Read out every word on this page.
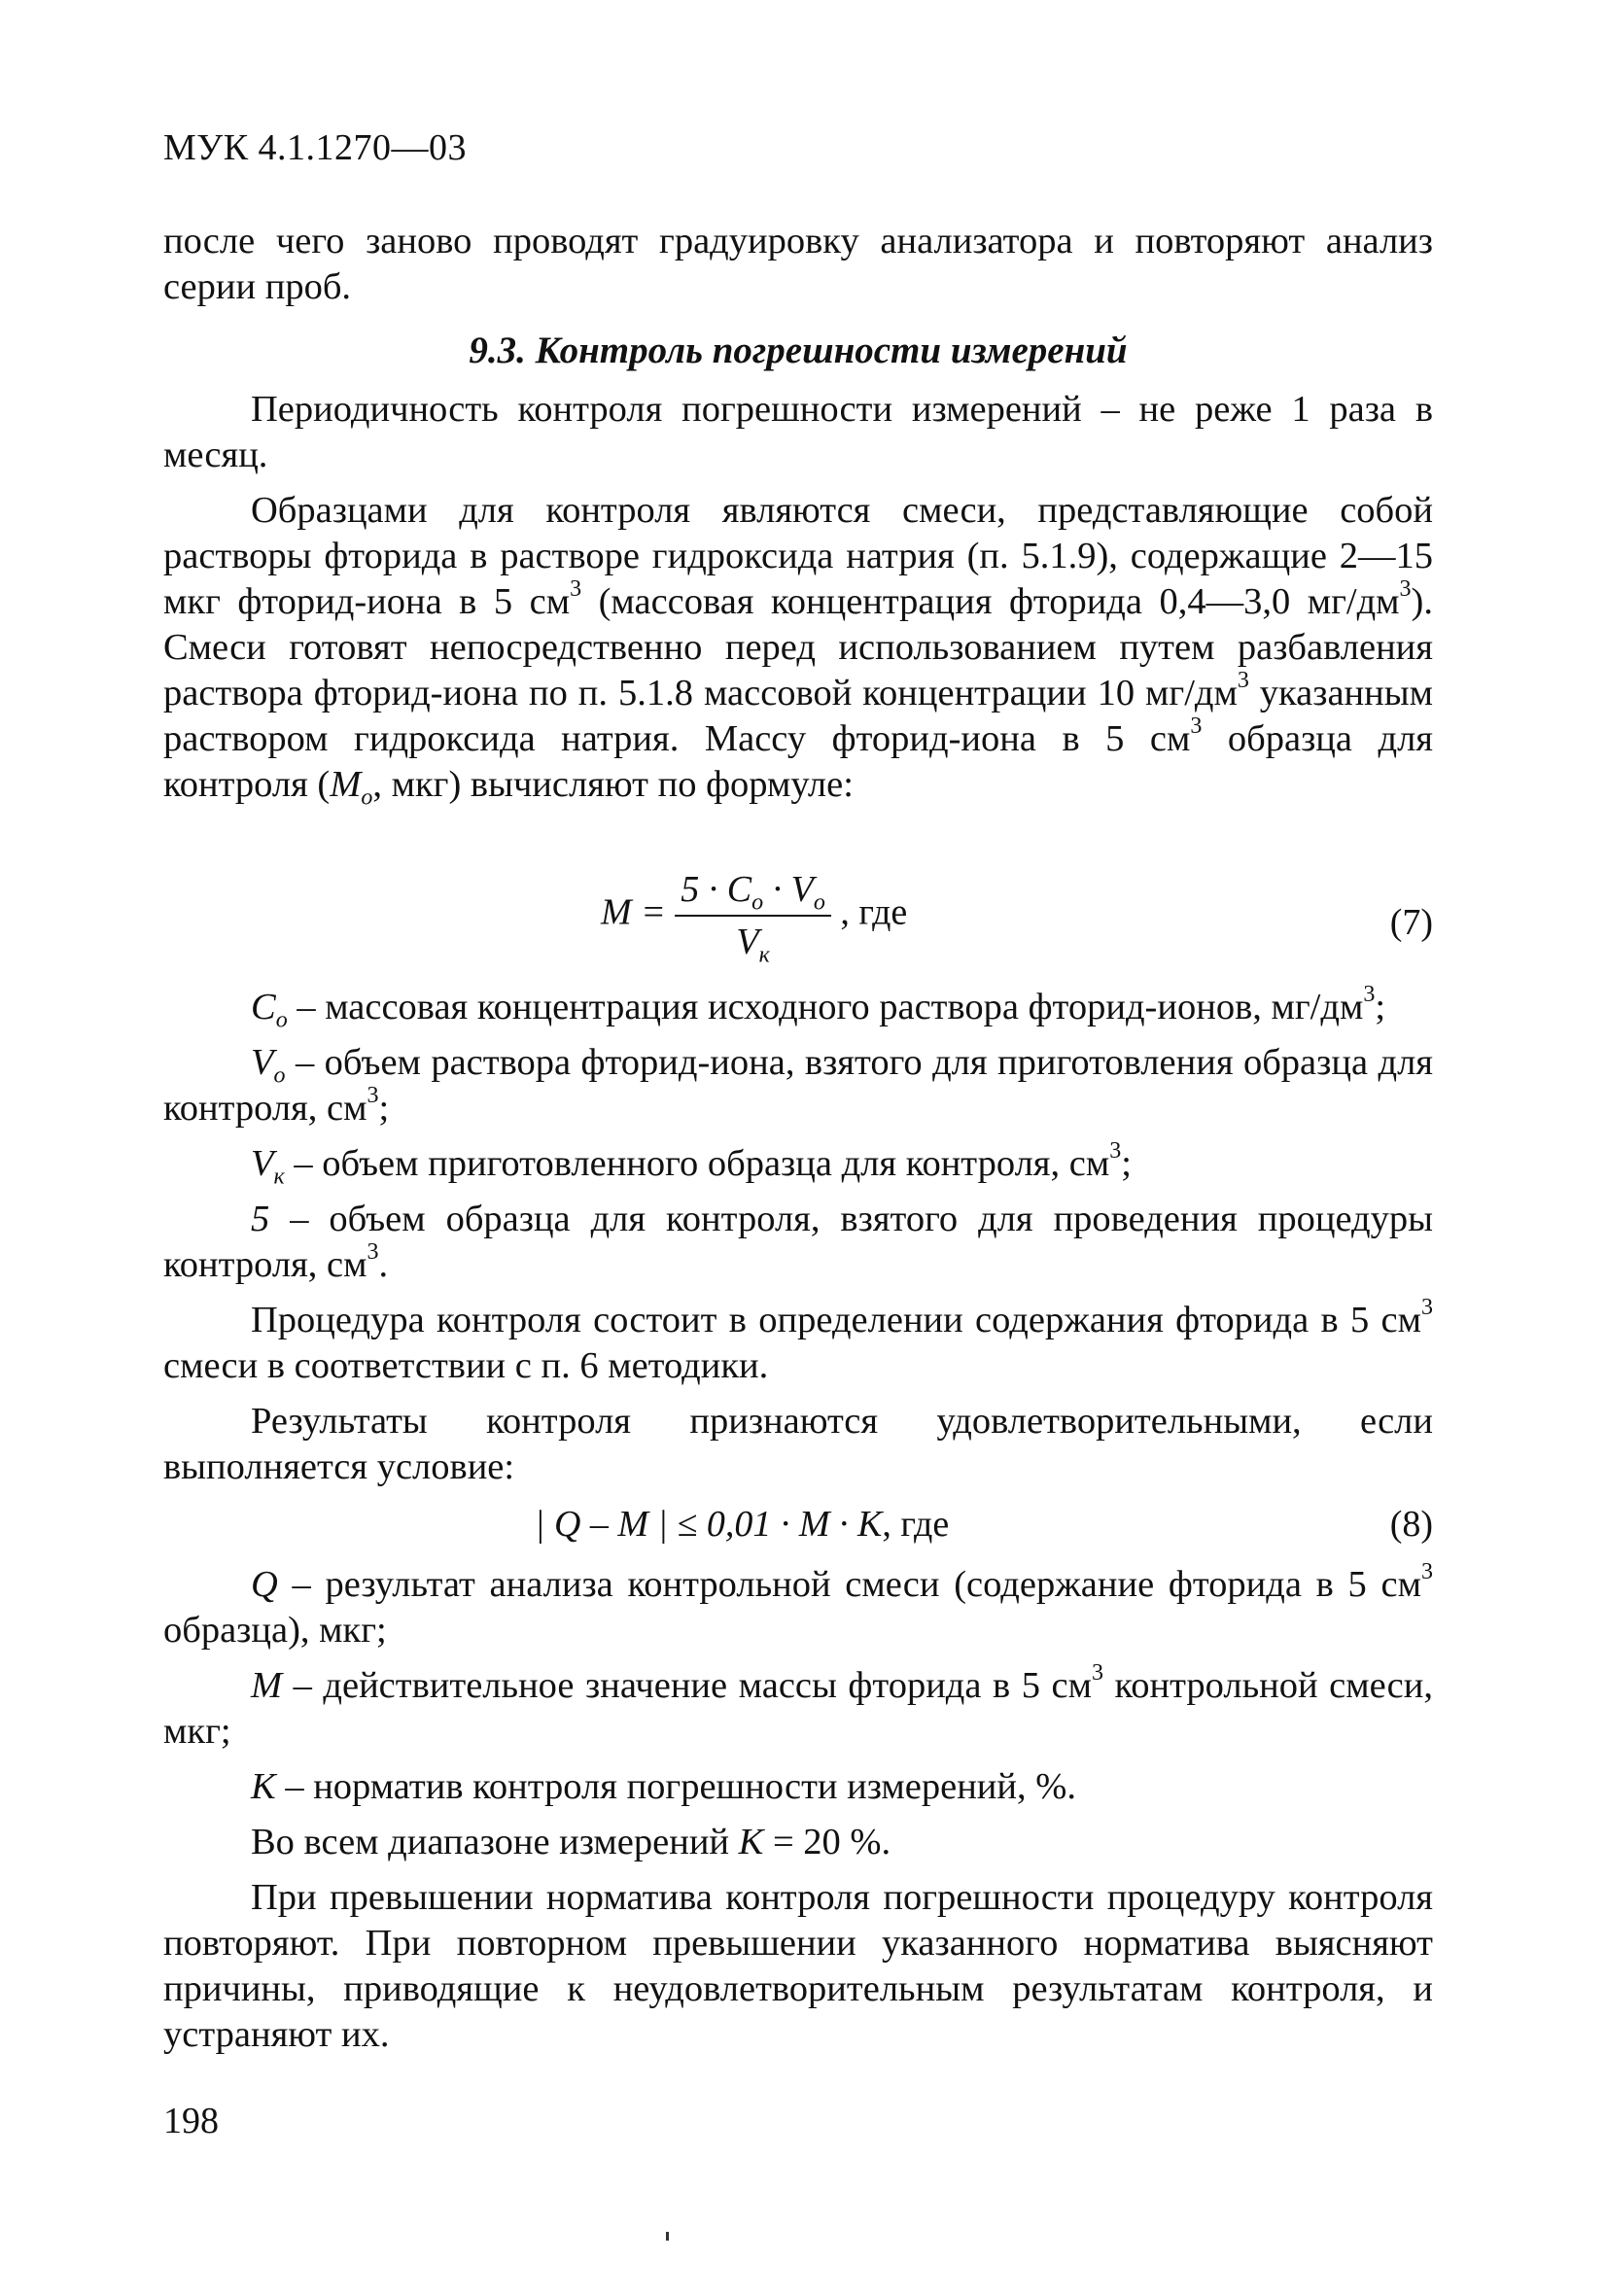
МУК 4.1.1270—03

после чего заново проводят градуировку анализатора и повторяют анализ серии проб.

9.3. Контроль погрешности измерений

Периодичность контроля погрешности измерений – не реже 1 раза в месяц.

Образцами для контроля являются смеси, представляющие собой растворы фторида в растворе гидроксида натрия (п. 5.1.9), содержащие 2—15 мкг фторид-иона в 5 $см^3$ (массовая концентрация фторида 0,4—3,0 $мг/дм^3$). Смеси готовят непосредственно перед использованием путем разбавления раствора фторид-иона по п. 5.1.8 массовой концентрации 10 $мг/дм^3$ указанным раствором гидроксида натрия. Массу фторид-иона в 5 $см^3$ образца для контроля ($M_o$, мкг) вычисляют по формуле:

$M = \frac{5 \cdot C_o \cdot V_o}{V_к}$ , где	(7)

$C_o$ – массовая концентрация исходного раствора фторид-ионов, $мг/дм^3$;

$V_o$ – объем раствора фторид-иона, взятого для приготовления образца для контроля, $см^3$;

$V_к$ – объем приготовленного образца для контроля, $см^3$;

5 – объем образца для контроля, взятого для проведения процедуры контроля, $см^3$.

Процедура контроля состоит в определении содержания фторида в 5 $см^3$ смеси в соответствии с п. 6 методики.

Результаты контроля признаются удовлетворительными, если выполняется условие:

| Q – M | ≤ 0,01 · M · K, где	(8)

Q – результат анализа контрольной смеси (содержание фторида в 5 $см^3$ образца), мкг;

M – действительное значение массы фторида в 5 $см^3$ контрольной смеси, мкг;

K – норматив контроля погрешности измерений, %.

Во всем диапазоне измерений K = 20 %.

При превышении норматива контроля погрешности процедуру контроля повторяют. При повторном превышении указанного норматива выясняют причины, приводящие к неудовлетворительным результатам контроля, и устраняют их.

198
